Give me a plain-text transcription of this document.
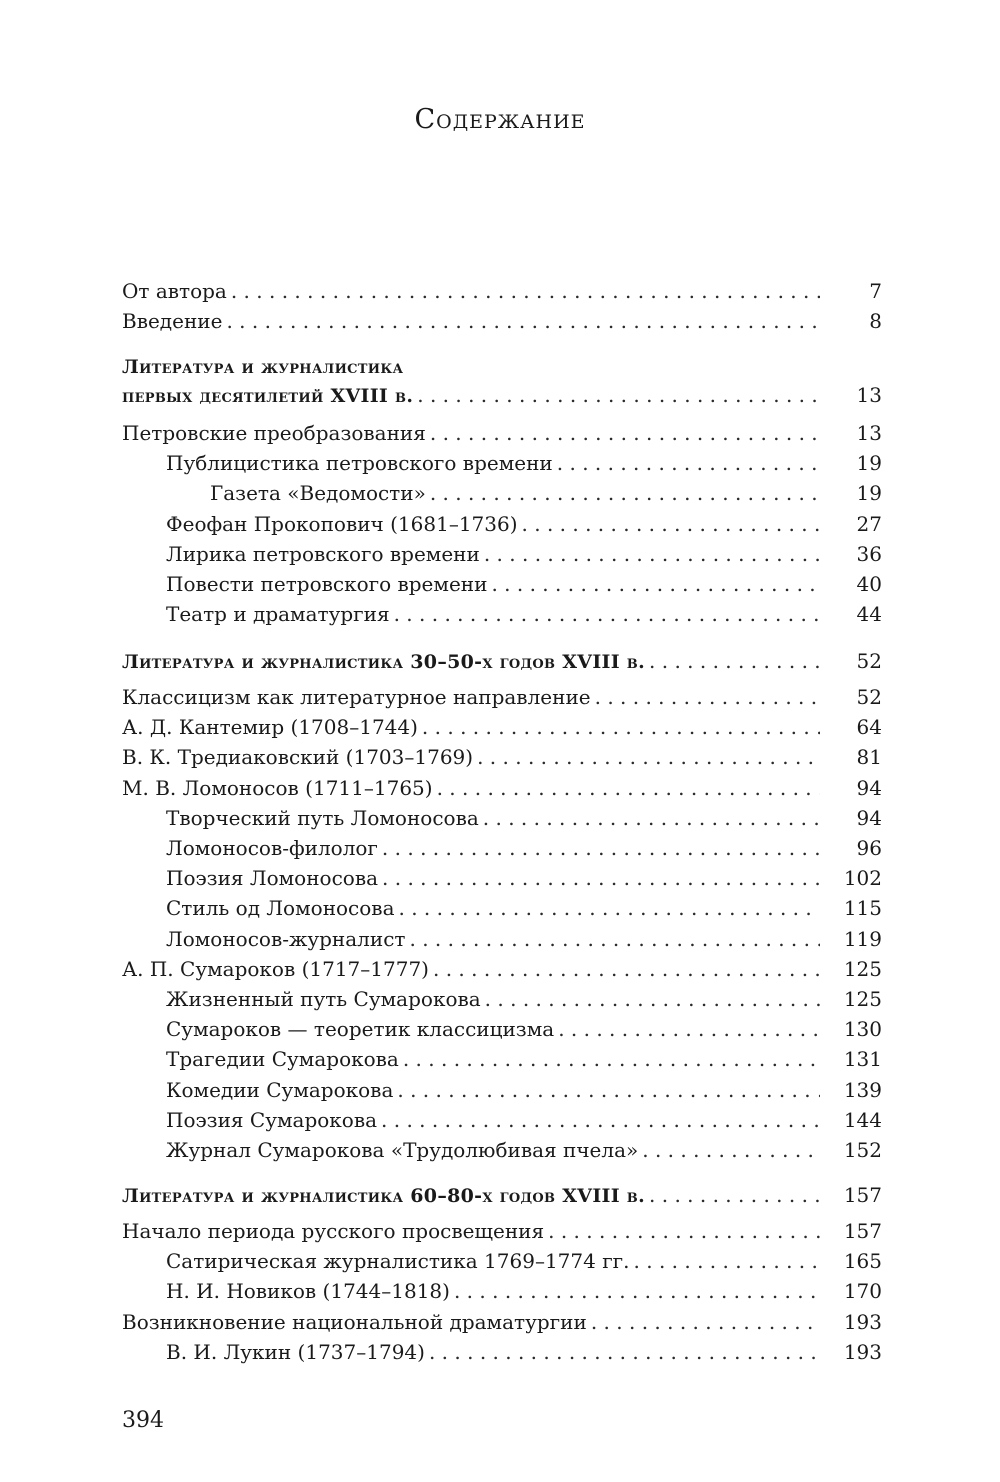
Содержание
От автора . . .	7
Введение . . .	8
Литература и журналистика
первых десятилетий XVIII в. . . .	13
Петровские преобразования . . .	13
Публицистика петровского времени . . .	19
Газета «Ведомости» . . .	19
Феофан Прокопович (1681–1736) . . .	27
Лирика петровского времени . . .	36
Повести петровского времени . . .	40
Театр и драматургия . . .	44
Литература и журналистика 30–50-х годов XVIII в. . . .	52
Классицизм как литературное направление . . .	52
А. Д. Кантемир (1708–1744) . . .	64
В. К. Тредиаковский (1703–1769) . . .	81
М. В. Ломоносов (1711–1765) . . .	94
Творческий путь Ломоносова . . .	94
Ломоносов-филолог . . .	96
Поэзия Ломоносова . . .	102
Стиль од Ломоносова . . .	115
Ломоносов-журналист . . .	119
А. П. Сумароков (1717–1777) . . .	125
Жизненный путь Сумарокова . . .	125
Сумароков — теоретик классицизма . . .	130
Трагедии Сумарокова . . .	131
Комедии Сумарокова . . .	139
Поэзия Сумарокова . . .	144
Журнал Сумарокова «Трудолюбивая пчела» . . .	152
Литература и журналистика 60–80-х годов XVIII в. . . .	157
Начало периода русского просвещения . . .	157
Сатирическая журналистика 1769–1774 гг. . . .	165
Н. И. Новиков (1744–1818) . . .	170
Возникновение национальной драматургии . . .	193
В. И. Лукин (1737–1794) . . .	193
394
